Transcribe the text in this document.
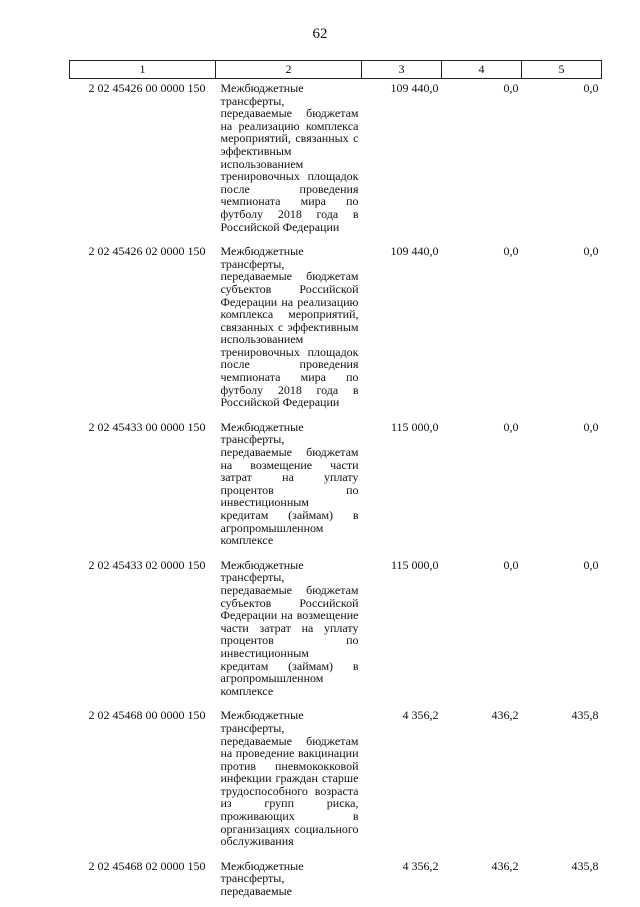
62
1	2	3	4	5
2 02 45426 00 0000 150	Межбюджетные трансферты, передаваемые бюджетам на реализацию комплекса мероприятий, связанных с эффективным использованием тренировочных площадок после проведения чемпионата мира по футболу 2018 года в Российской Федерации	109 440,0	0,0	0,0
2 02 45426 02 0000 150	Межбюджетные трансферты, передаваемые бюджетам субъектов Российской Федерации на реализацию комплекса мероприятий, связанных с эффективным использованием тренировочных площадок после проведения чемпионата мира по футболу 2018 года в Российской Федерации	109 440,0	0,0	0,0
2 02 45433 00 0000 150	Межбюджетные трансферты, передаваемые бюджетам на возмещение части затрат на уплату процентов по инвестиционным кредитам (займам) в агропромышленном комплексе	115 000,0	0,0	0,0
2 02 45433 02 0000 150	Межбюджетные трансферты, передаваемые бюджетам субъектов Российской Федерации на возмещение части затрат на уплату процентов по инвестиционным кредитам (займам) в агропромышленном комплексе	115 000,0	0,0	0,0
2 02 45468 00 0000 150	Межбюджетные трансферты, передаваемые бюджетам на проведение вакцинации против пневмококковой инфекции граждан старше трудоспособного возраста из групп риска, проживающих в организациях социального обслуживания	4 356,2	436,2	435,8
2 02 45468 02 0000 150	Межбюджетные трансферты, передаваемые	4 356,2	436,2	435,8
